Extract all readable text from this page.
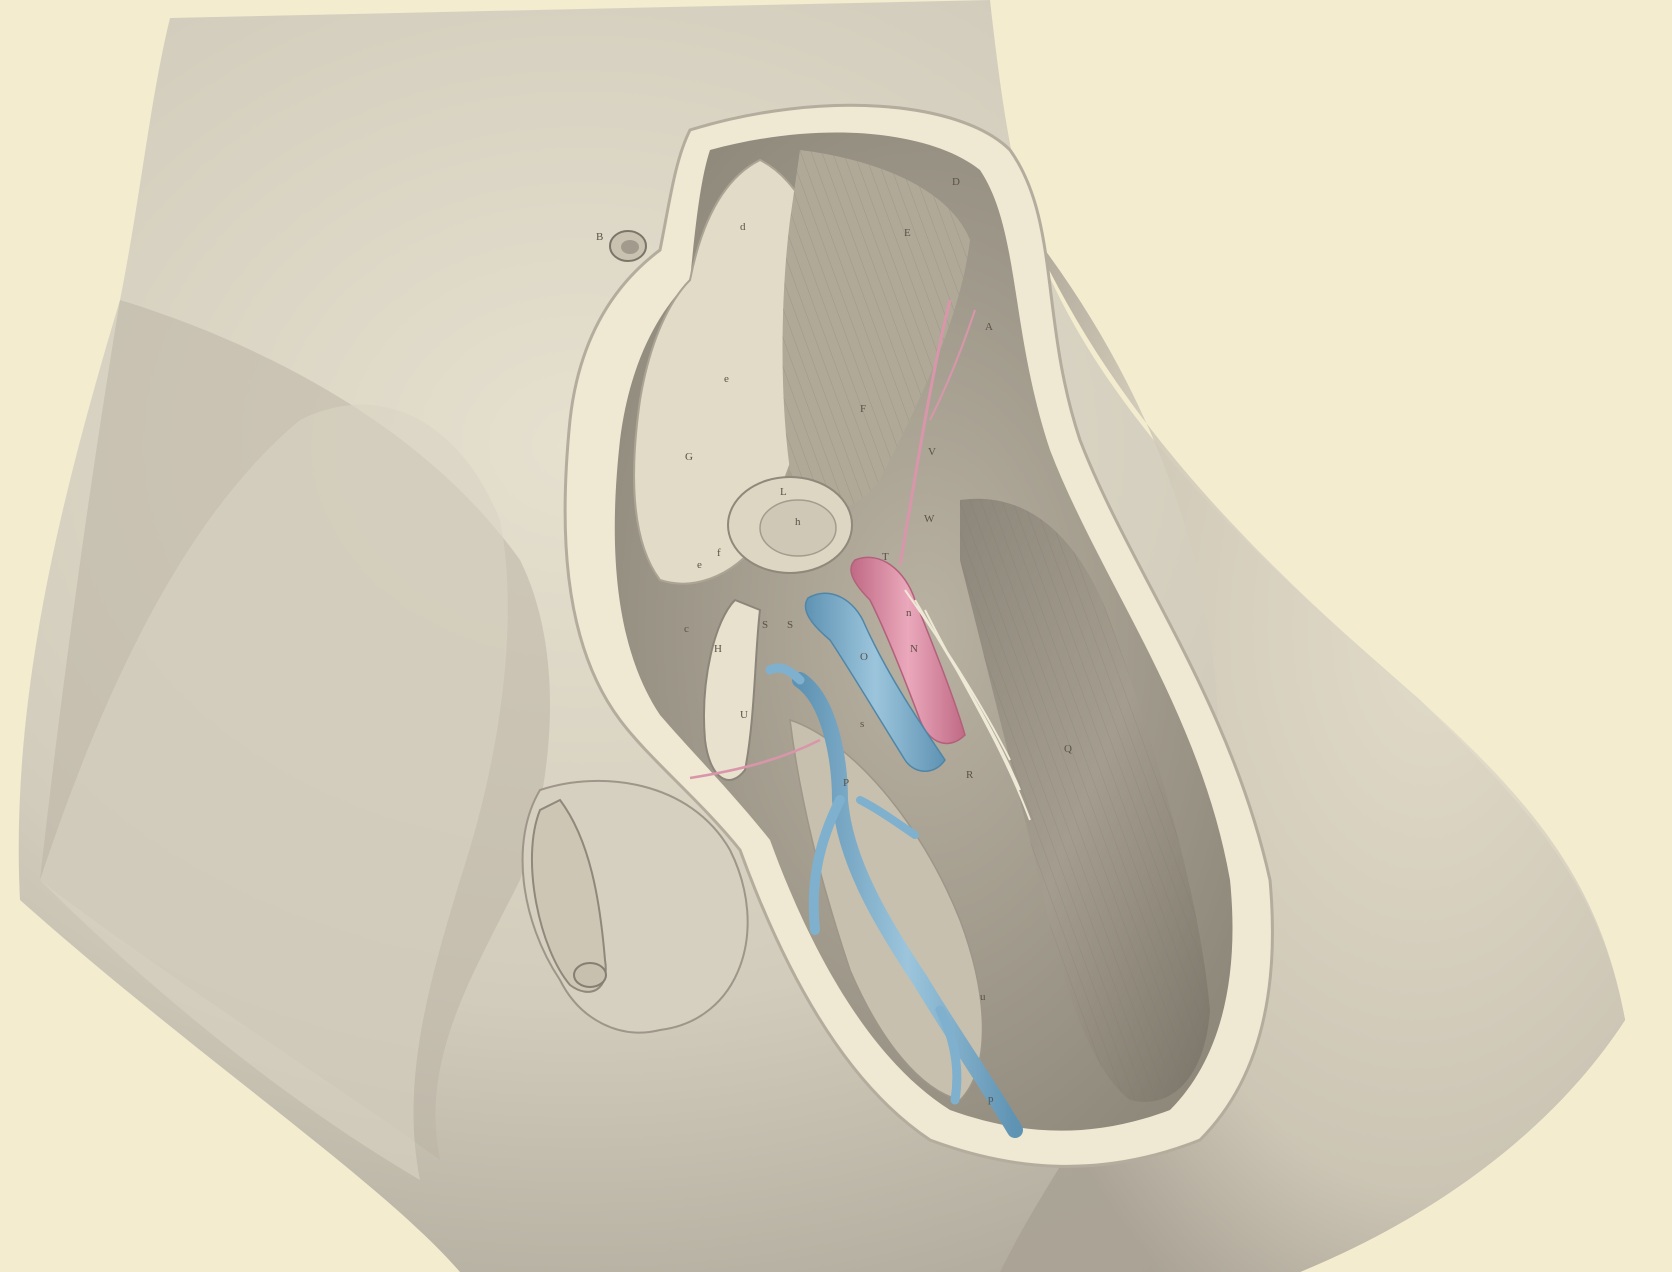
B
d
D
E
A
e
F
G	V
L
h	W
e
f	T
c	S S
n
H
O
N
U
s
Q
R
P
u
p
